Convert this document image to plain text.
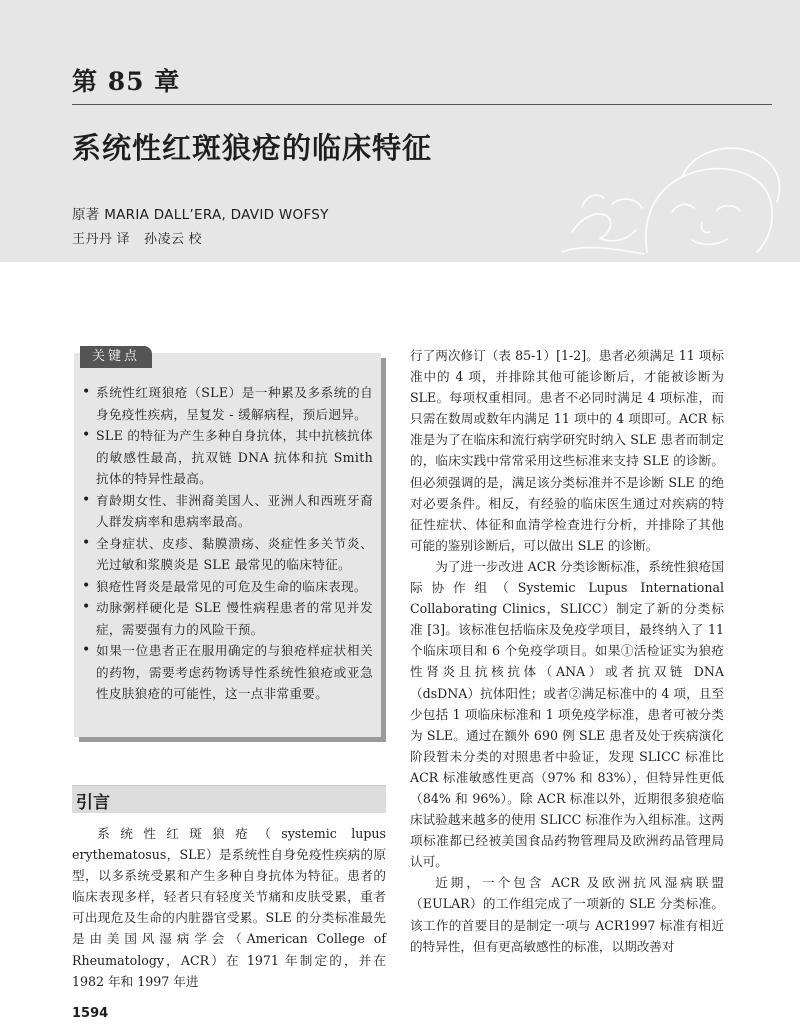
第 85 章
系统性红斑狼疮的临床特征
原著 MARIA DALL’ERA, DAVID WOFSY
王丹丹 译 孙凌云 校
关键点
• 系统性红斑狼疮（SLE）是一种累及多系统的自身免疫性疾病，呈复发 - 缓解病程，预后迥异。
• SLE 的特征为产生多种自身抗体，其中抗核抗体的敏感性最高，抗双链 DNA 抗体和抗 Smith 抗体的特异性最高。
• 育龄期女性、非洲裔美国人、亚洲人和西班牙裔人群发病率和患病率最高。
• 全身症状、皮疹、黏膜溃疡、炎症性多关节炎、光过敏和浆膜炎是 SLE 最常见的临床特征。
• 狼疮性肾炎是最常见的可危及生命的临床表现。
• 动脉粥样硬化是 SLE 慢性病程患者的常见并发症，需要强有力的风险干预。
• 如果一位患者正在服用确定的与狼疮样症状相关的药物，需要考虑药物诱导性系统性狼疮或亚急性皮肤狼疮的可能性，这一点非常重要。
引言

系统性红斑狼疮（systemic lupus erythematosus，SLE）是系统性自身免疫性疾病的原型，以多系统受累和产生多种自身抗体为特征。患者的临床表现多样，轻者只有轻度关节痛和皮肤受累，重者可出现危及生命的内脏器官受累。SLE 的分类标准最先是由美国风湿病学会（American College of Rheumatology，ACR）在 1971 年制定的，并在 1982 年和 1997 年进

行了两次修订（表 85-1）[1-2]。患者必须满足 11 项标准中的 4 项，并排除其他可能诊断后，才能被诊断为 SLE。每项权重相同。患者不必同时满足 4 项标准，而只需在数周或数年内满足 11 项中的 4 项即可。ACR 标准是为了在临床和流行病学研究时纳入 SLE 患者而制定的，临床实践中常常采用这些标准来支持 SLE 的诊断。但必须强调的是，满足该分类标准并不是诊断 SLE 的绝对必要条件。相反，有经验的临床医生通过对疾病的特征性症状、体征和血清学检查进行分析，并排除了其他可能的鉴别诊断后，可以做出 SLE 的诊断。

为了进一步改进 ACR 分类诊断标准，系统性狼疮国际协作组（Systemic Lupus International Collaborating Clinics，SLICC）制定了新的分类标准 [3]。该标准包括临床及免疫学项目，最终纳入了 11 个临床项目和 6 个免疫学项目。如果①活检证实为狼疮性肾炎且抗核抗体（ANA）或者抗双链 DNA（dsDNA）抗体阳性；或者②满足标准中的 4 项，且至少包括 1 项临床标准和 1 项免疫学标准，患者可被分类为 SLE。通过在额外 690 例 SLE 患者及处于疾病演化阶段暂未分类的对照患者中验证，发现 SLICC 标准比 ACR 标准敏感性更高（97% 和 83%），但特异性更低（84% 和 96%）。除 ACR 标准以外，近期很多狼疮临床试验越来越多的使用 SLICC 标准作为入组标准。这两项标准都已经被美国食品药物管理局及欧洲药品管理局认可。

近期，一个包含 ACR 及欧洲抗风湿病联盟（EULAR）的工作组完成了一项新的 SLE 分类标准。该工作的首要目的是制定一项与 ACR1997 标准有相近的特异性，但有更高敏感性的标准，以期改善对

1594
